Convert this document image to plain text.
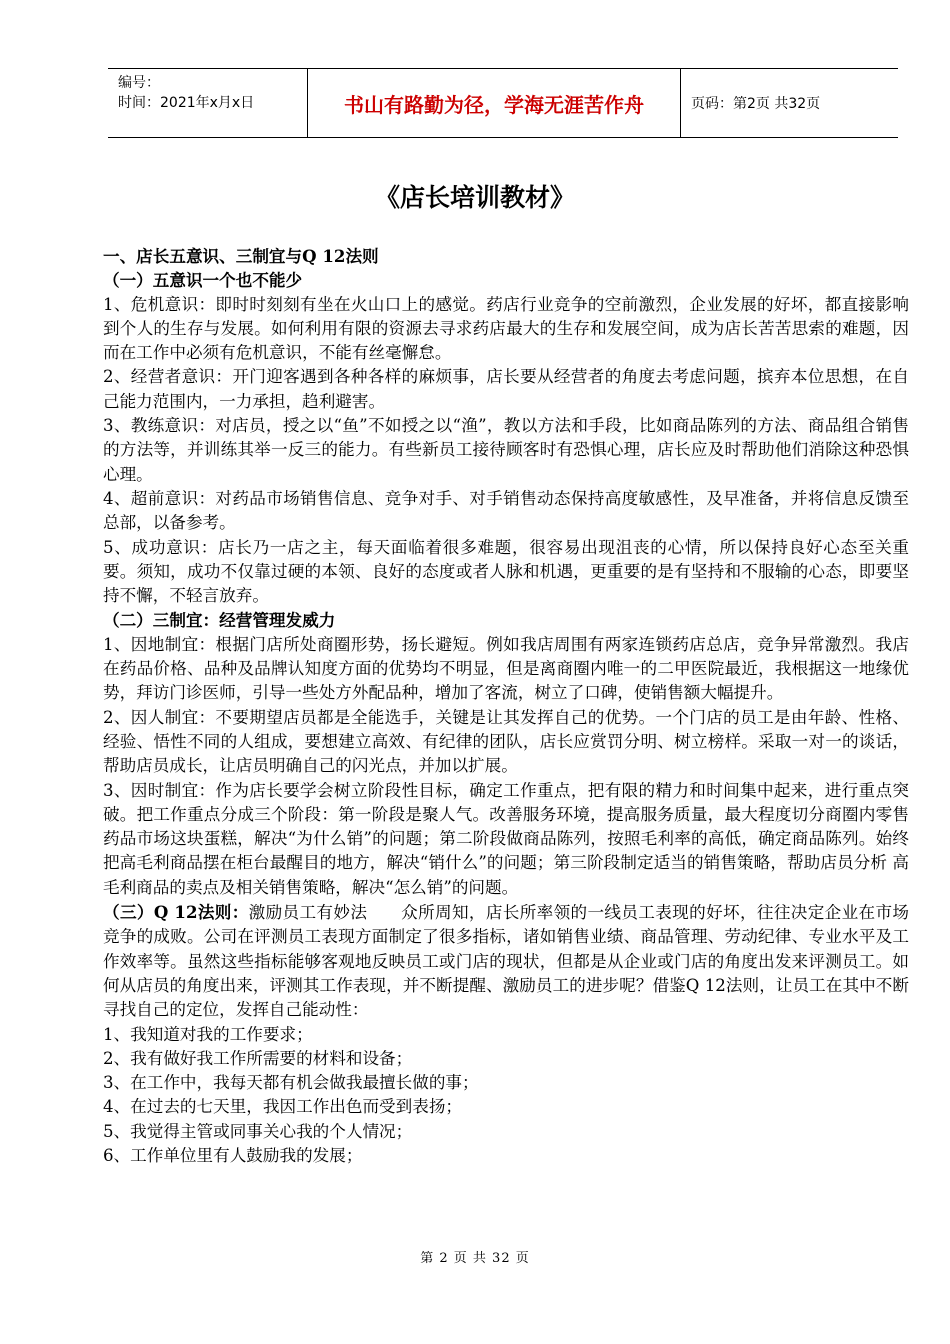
编号：
时间：2021年x月x日	书山有路勤为径，学海无涯苦作舟	页码：第2页 共32页
《店长培训教材》

一、店长五意识、三制宜与Q 12法则

（一）五意识一个也不能少

1、危机意识：即时时刻刻有坐在火山口上的感觉。药店行业竞争的空前激烈，企业发展的好坏，都直接影响到个人的生存与发展。如何利用有限的资源去寻求药店最大的生存和发展空间，成为店长苦苦思索的难题，因而在工作中必须有危机意识，不能有丝毫懈怠。

2、经营者意识：开门迎客遇到各种各样的麻烦事，店长要从经营者的角度去考虑问题，摈弃本位思想，在自己能力范围内，一力承担，趋利避害。

3、教练意识：对店员，授之以“鱼”不如授之以“渔”，教以方法和手段，比如商品陈列的方法、商品组合销售的方法等，并训练其举一反三的能力。有些新员工接待顾客时有恐惧心理，店长应及时帮助他们消除这种恐惧心理。

4、超前意识：对药品市场销售信息、竞争对手、对手销售动态保持高度敏感性，及早准备，并将信息反馈至总部，以备参考。

5、成功意识：店长乃一店之主，每天面临着很多难题，很容易出现沮丧的心情，所以保持良好心态至关重要。须知，成功不仅靠过硬的本领、良好的态度或者人脉和机遇，更重要的是有坚持和不服输的心态，即要坚持不懈，不轻言放弃。

（二）三制宜：经营管理发威力

1、因地制宜：根据门店所处商圈形势，扬长避短。例如我店周围有两家连锁药店总店，竞争异常激烈。我店在药品价格、品种及品牌认知度方面的优势均不明显，但是离商圈内唯一的二甲医院最近，我根据这一地缘优势，拜访门诊医师，引导一些处方外配品种，增加了客流，树立了口碑，使销售额大幅提升。

2、因人制宜：不要期望店员都是全能选手，关键是让其发挥自己的优势。一个门店的员工是由年龄、性格、经验、悟性不同的人组成，要想建立高效、有纪律的团队，店长应赏罚分明、树立榜样。采取一对一的谈话，帮助店员成长，让店员明确自己的闪光点，并加以扩展。

3、因时制宜：作为店长要学会树立阶段性目标，确定工作重点，把有限的精力和时间集中起来，进行重点突破。把工作重点分成三个阶段：第一阶段是聚人气。改善服务环境，提高服务质量，最大程度切分商圈内零售药品市场这块蛋糕，解决“为什么销”的问题；第二阶段做商品陈列，按照毛利率的高低，确定商品陈列。始终把高毛利商品摆在柜台最醒目的地方，解决“销什么”的问题；第三阶段制定适当的销售策略，帮助店员分析 高毛利商品的卖点及相关销售策略，解决“怎么销”的问题。

（三）Q 12法则：激励员工有妙法　　众所周知，店长所率领的一线员工表现的好坏，往往决定企业在市场竞争的成败。公司在评测员工表现方面制定了很多指标，诸如销售业绩、商品管理、劳动纪律、专业水平及工作效率等。虽然这些指标能够客观地反映员工或门店的现状，但都是从企业或门店的角度出发来评测员工。如何从店员的角度出来，评测其工作表现，并不断提醒、激励员工的进步呢？借鉴Q 12法则，让员工在其中不断寻找自己的定位，发挥自己能动性：

1、我知道对我的工作要求；

2、我有做好我工作所需要的材料和设备；

3、在工作中，我每天都有机会做我最擅长做的事；

4、在过去的七天里，我因工作出色而受到表扬；

5、我觉得主管或同事关心我的个人情况；

6、工作单位里有人鼓励我的发展；

第 2 页 共 32 页
